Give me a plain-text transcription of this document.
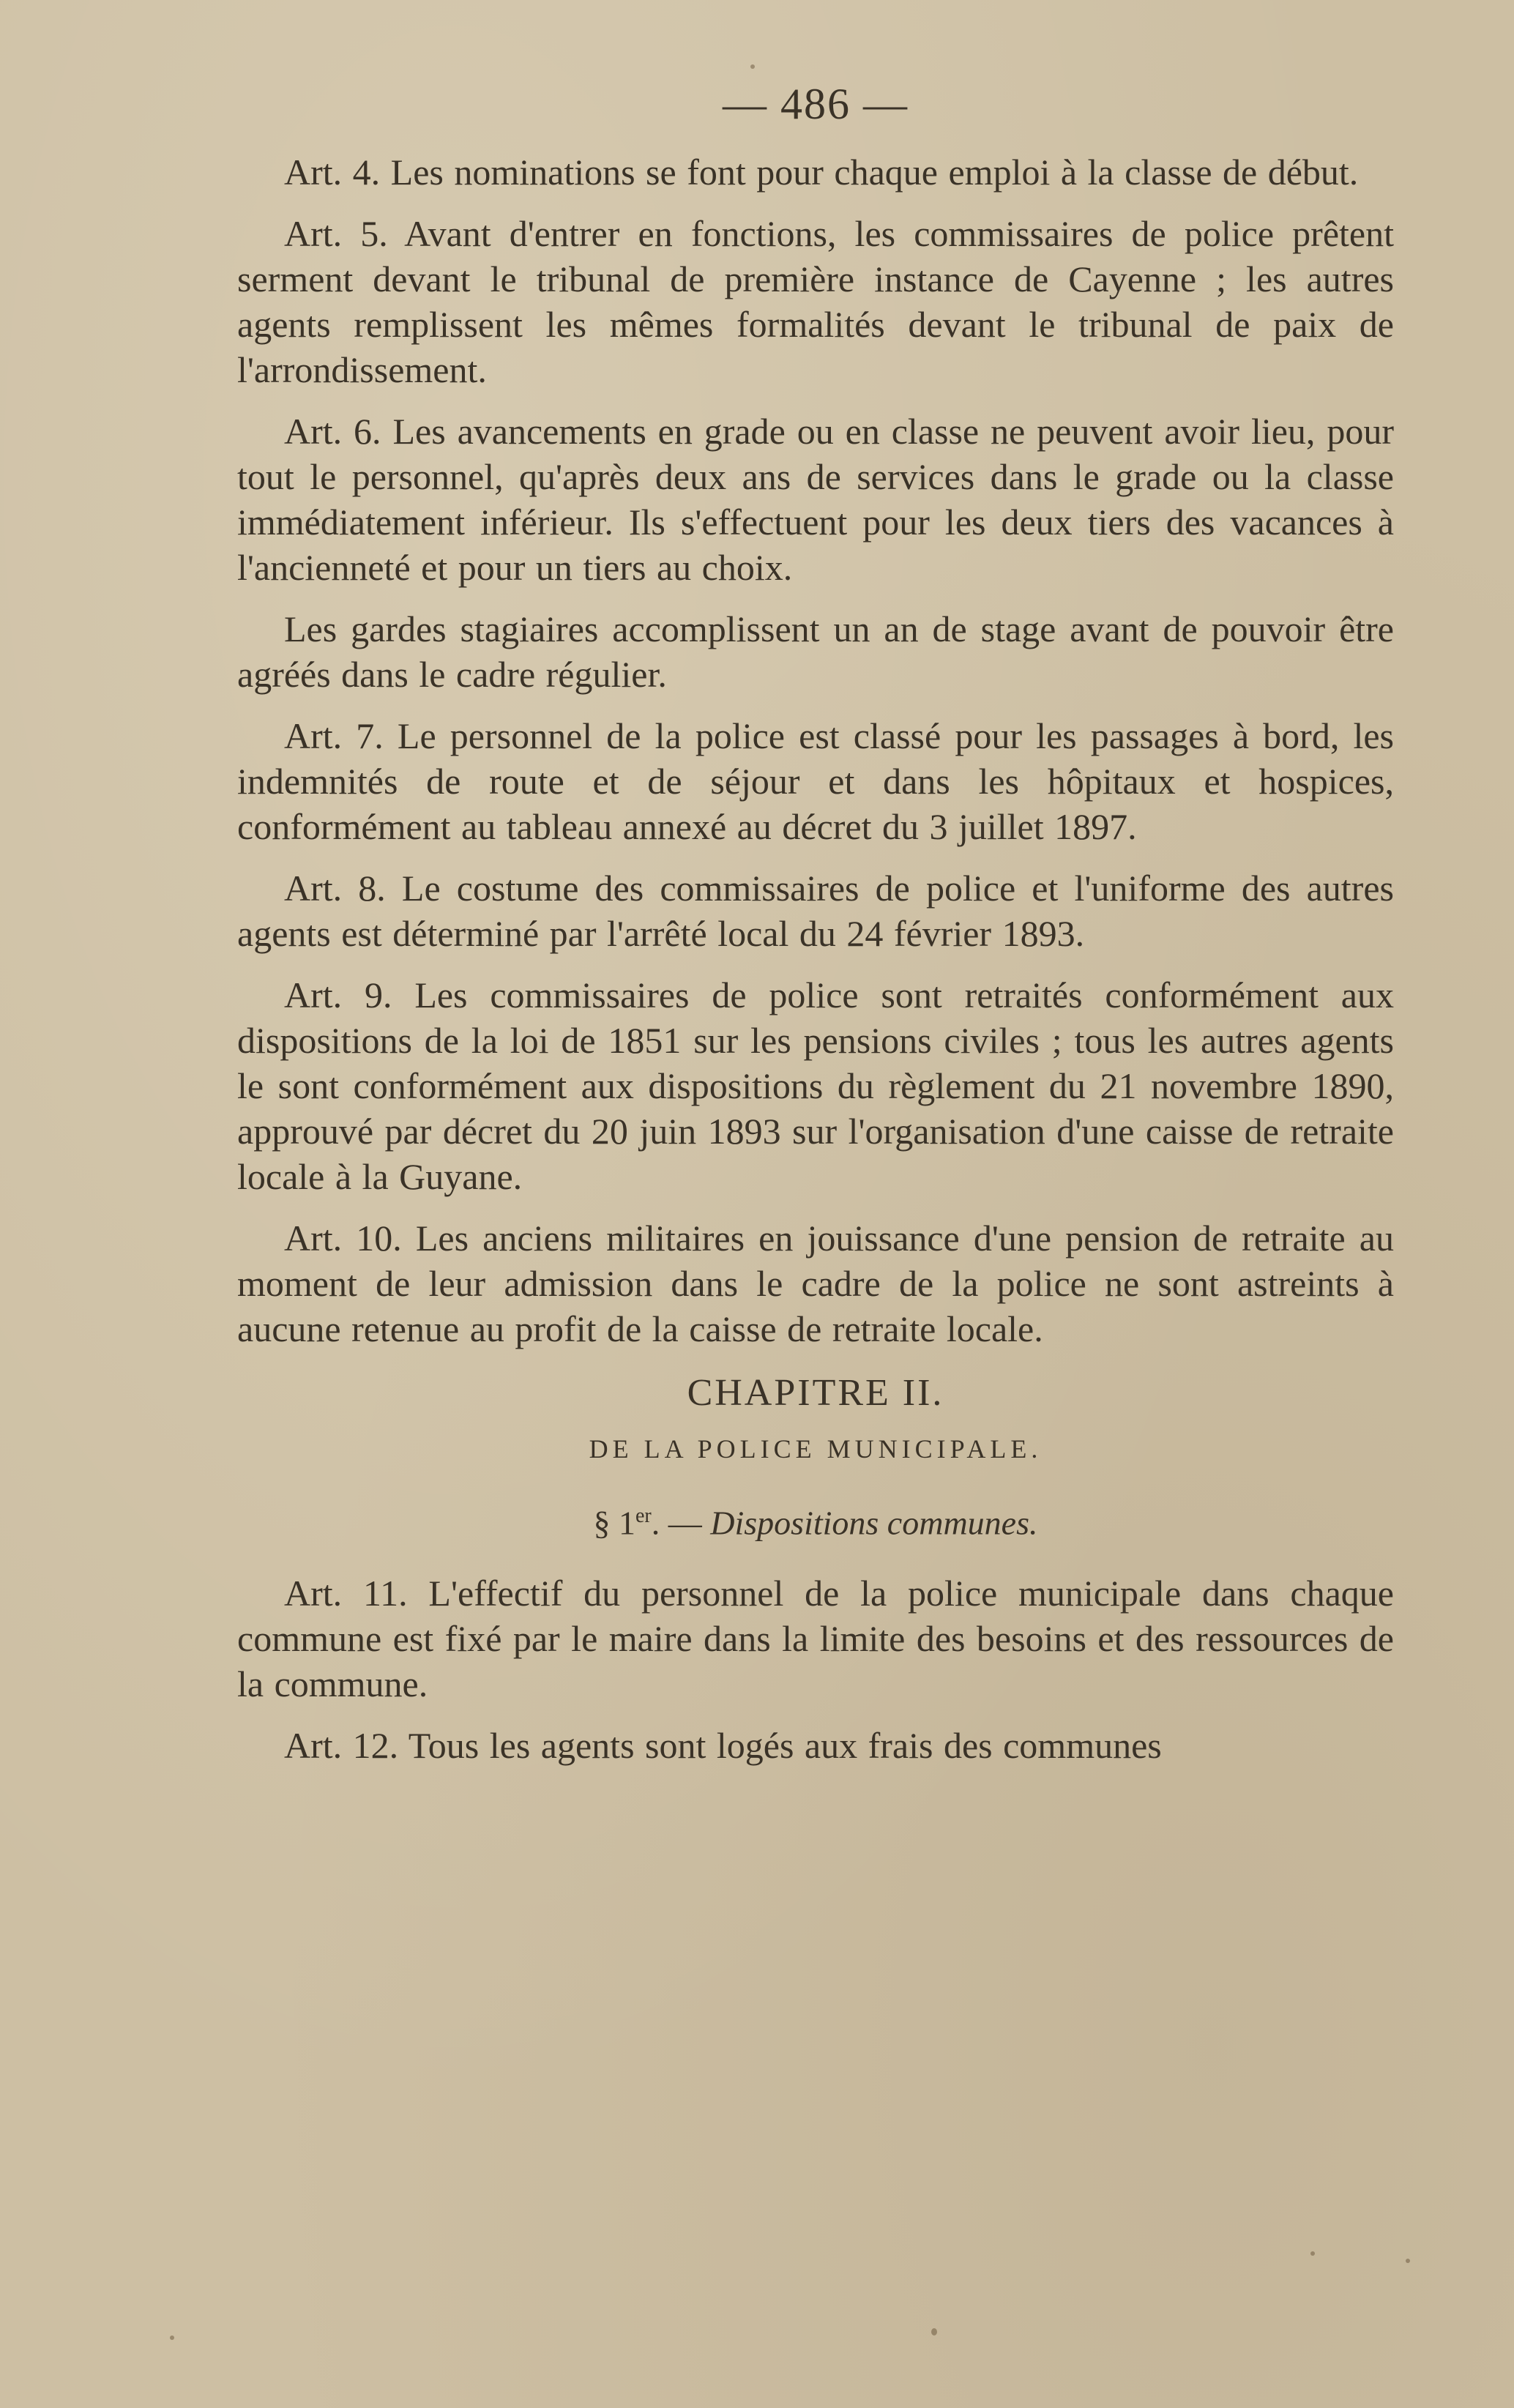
— 486 —
Art. 4. Les nominations se font pour chaque emploi à la classe de début.
Art. 5. Avant d'entrer en fonctions, les commissaires de police prêtent serment devant le tribunal de première instance de Cayenne ; les autres agents remplissent les mêmes formalités devant le tribunal de paix de l'arrondissement.
Art. 6. Les avancements en grade ou en classe ne peuvent avoir lieu, pour tout le personnel, qu'après deux ans de services dans le grade ou la classe immédiatement inférieur. Ils s'effectuent pour les deux tiers des vacances à l'ancienneté et pour un tiers au choix.
Les gardes stagiaires accomplissent un an de stage avant de pouvoir être agréés dans le cadre régulier.
Art. 7. Le personnel de la police est classé pour les passages à bord, les indemnités de route et de séjour et dans les hôpitaux et hospices, conformément au tableau annexé au décret du 3 juillet 1897.
Art. 8. Le costume des commissaires de police et l'uniforme des autres agents est déterminé par l'arrêté local du 24 février 1893.
Art. 9. Les commissaires de police sont retraités conformément aux dispositions de la loi de 1851 sur les pensions civiles ; tous les autres agents le sont conformément aux dispositions du règlement du 21 novembre 1890, approuvé par décret du 20 juin 1893 sur l'organisation d'une caisse de retraite locale à la Guyane.
Art. 10. Les anciens militaires en jouissance d'une pension de retraite au moment de leur admission dans le cadre de la police ne sont astreints à aucune retenue au profit de la caisse de retraite locale.
CHAPITRE II.
DE LA POLICE MUNICIPALE.
§ 1er. — Dispositions communes.
Art. 11. L'effectif du personnel de la police municipale dans chaque commune est fixé par le maire dans la limite des besoins et des ressources de la commune.
Art. 12. Tous les agents sont logés aux frais des communes
